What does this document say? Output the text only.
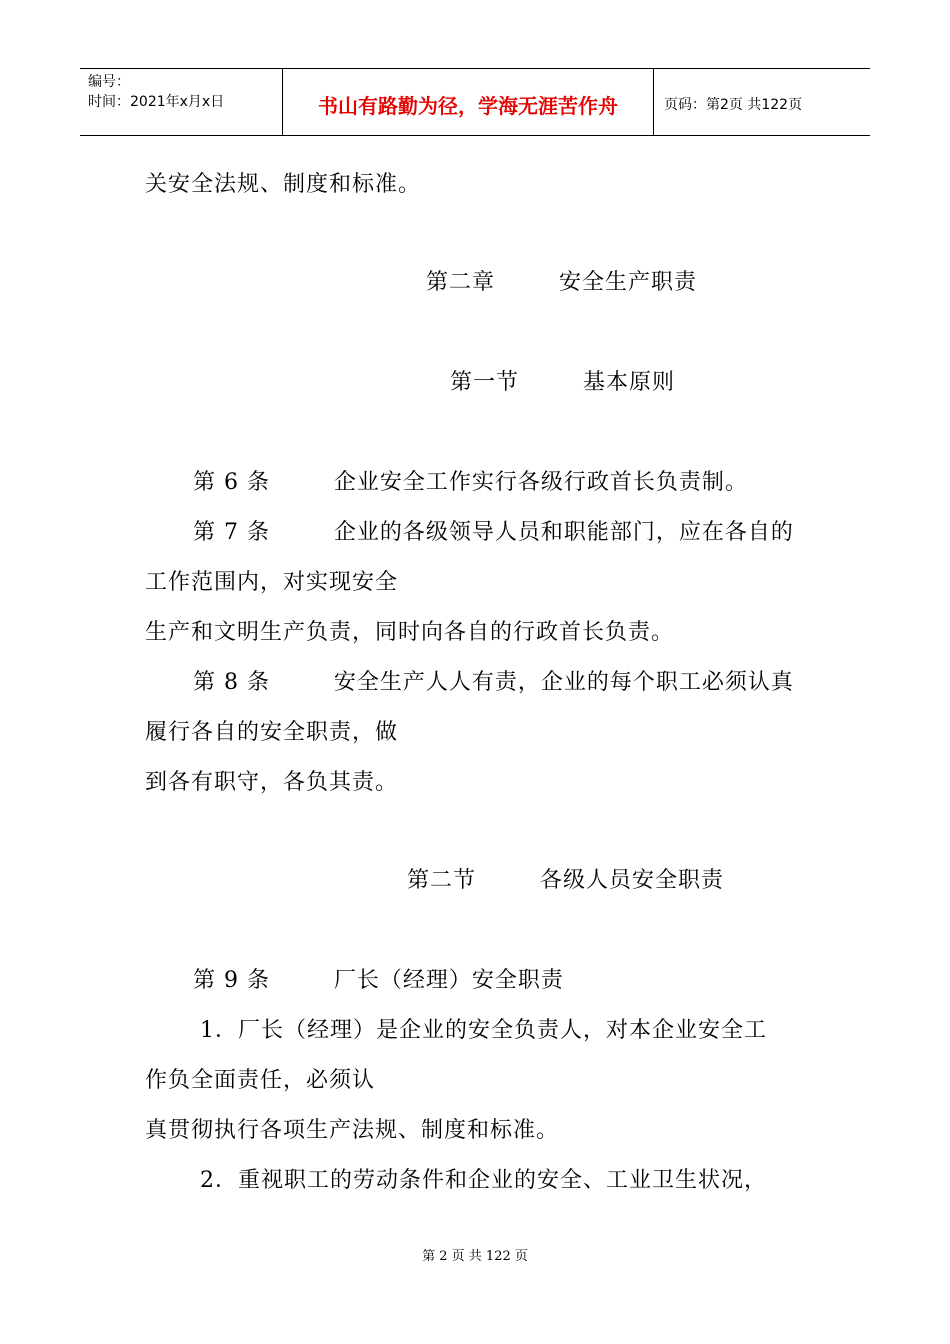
编号：
时间：2021年x月x日	书山有路勤为径，学海无涯苦作舟	页码：第2页 共122页
关安全法规、制度和标准。
第二章        安全生产职责
第一节        基本原则
第 6 条        企业安全工作实行各级行政首长负责制。
第 7 条        企业的各级领导人员和职能部门，应在各自的
工作范围内，对实现安全
生产和文明生产负责，同时向各自的行政首长负责。
第 8 条        安全生产人人有责，企业的每个职工必须认真
履行各自的安全职责，做
到各有职守，各负其责。
第二节        各级人员安全职责
第 9 条        厂长（经理）安全职责
1．厂长（经理）是企业的安全负责人，对本企业安全工
作负全面责任，必须认
真贯彻执行各项生产法规、制度和标准。
2．重视职工的劳动条件和企业的安全、工业卫生状况，
第 2 页 共 122 页
